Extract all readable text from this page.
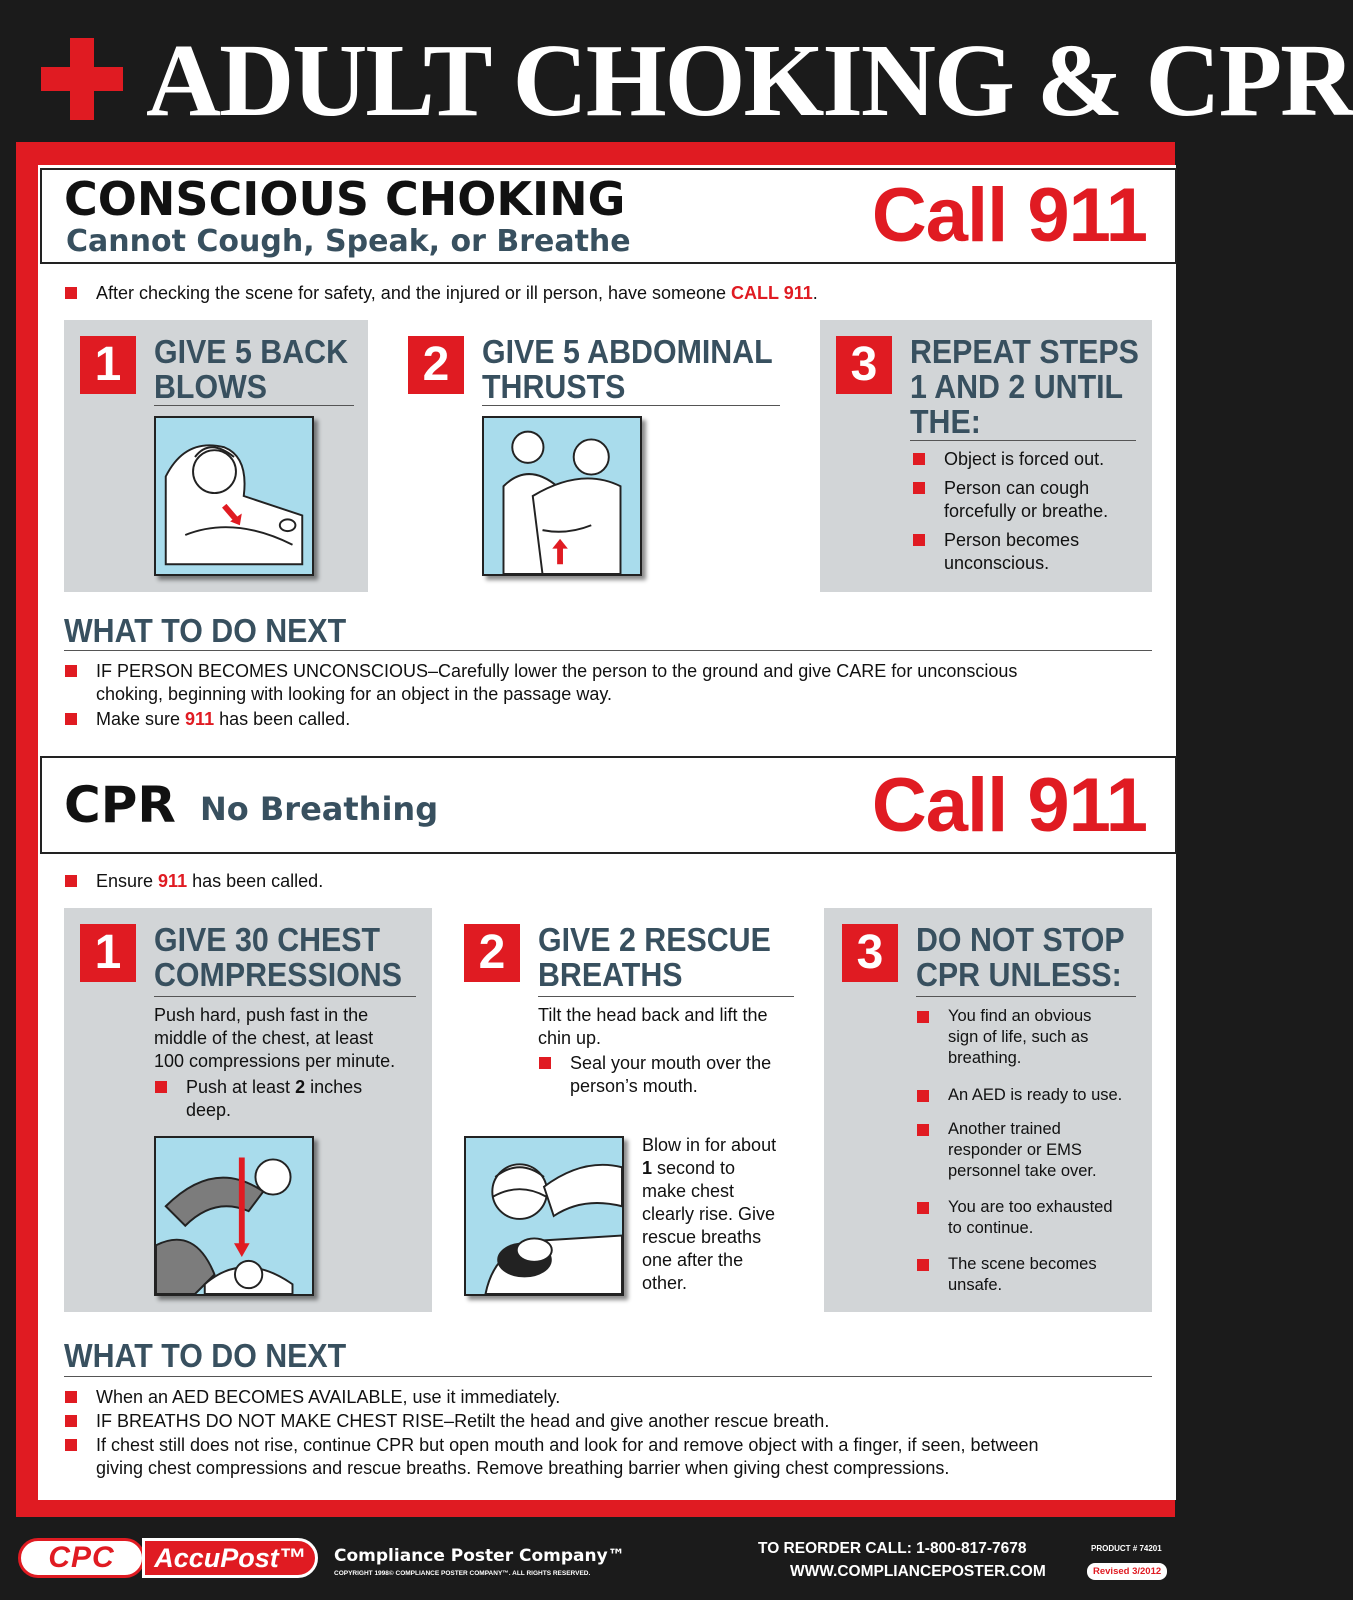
ADULT CHOKING & CPR
CONSCIOUS CHOKING
Cannot Cough, Speak, or Breathe	Call 911
After checking the scene for safety, and the injured or ill person, have someone CALL 911.
1 GIVE 5 BACK
BLOWS	2 GIVE 5 ABDOMINAL
THRUSTS	3 REPEAT STEPS
1 AND 2 UNTIL
THE:
Object is forced out.
Person can cough
forcefully or breathe.
Person becomes
unconscious.
WHAT TO DO NEXT
IF PERSON BECOMES UNCONSCIOUS–Carefully lower the person to the ground and give CARE for unconscious
choking, beginning with looking for an object in the passage way.
Make sure 911 has been called.
CPR No Breathing	Call 911
Ensure 911 has been called.
1 GIVE 30 CHEST
COMPRESSIONS
Push hard, push fast in the
middle of the chest, at least
100 compressions per minute.
Push at least 2 inches
deep.
2 GIVE 2 RESCUE
BREATHS
Tilt the head back and lift the
chin up.
Seal your mouth over the
person’s mouth.
Blow in for about
1 second to
make chest
clearly rise. Give
rescue breaths
one after the
other.
3 DO NOT STOP
CPR UNLESS:
You find an obvious
sign of life, such as
breathing.
An AED is ready to use.
Another trained
responder or EMS
personnel take over.
You are too exhausted
to continue.
The scene becomes
unsafe.
WHAT TO DO NEXT
When an AED BECOMES AVAILABLE, use it immediately.
IF BREATHS DO NOT MAKE CHEST RISE–Retilt the head and give another rescue breath.
If chest still does not rise, continue CPR but open mouth and look for and remove object with a finger, if seen, between
giving chest compressions and rescue breaths. Remove breathing barrier when giving chest compressions.
CPC	AccuPost™	Compliance Poster Company™
COPYRIGHT 1998© COMPLIANCE POSTER COMPANY™. ALL RIGHTS RESERVED.
TO REORDER CALL: 1-800-817-7678
WWW.COMPLIANCEPOSTER.COM
PRODUCT # 74201
Revised 3/2012
